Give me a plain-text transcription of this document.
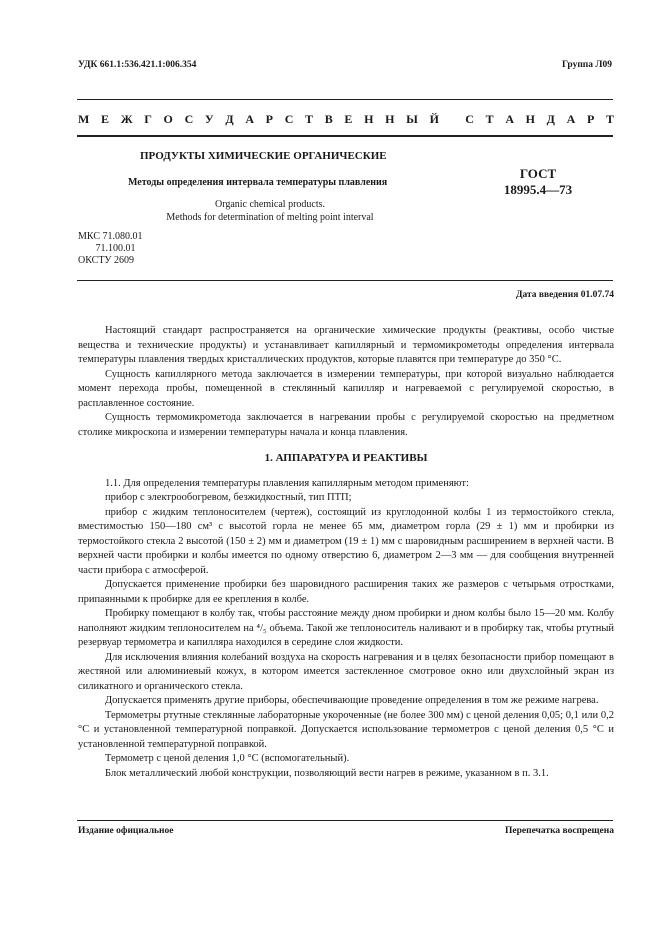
УДК 661.1:536.421.1:006.354	Группа Л09
М Е Ж Г О С У Д А Р С Т В Е Н Н Ы Й
С Т А Н Д А Р Т
ПРОДУКТЫ ХИМИЧЕСКИЕ ОРГАНИЧЕСКИЕ
Методы определения интервала температуры плавления
ГОСТ
18995.4—73
Organic chemical products.
Methods for determination of melting point interval
МКС 71.080.01
71.100.01
ОКСТУ 2609
Дата введения 01.07.74

Настоящий стандарт распространяется на органические химические продукты (реактивы, особо чистые вещества и технические продукты) и устанавливает капиллярный и термомикрометоды определения интервала температуры плавления твердых кристаллических продуктов, которые плавятся при температуре до 350 °С.

Сущность капиллярного метода заключается в измерении температуры, при которой визуально наблюдается момент перехода пробы, помещенной в стеклянный капилляр и нагреваемой с регулируемой скоростью, в расплавленное состояние.

Сущность термомикрометода заключается в нагревании пробы с регулируемой скоростью на предметном столике микроскопа и измерении температуры начала и конца плавления.

1. АППАРАТУРА И РЕАКТИВЫ

1.1. Для определения температуры плавления капиллярным методом применяют:

прибор с электрообогревом, безжидкостный, тип ПТП;

прибор с жидким теплоносителем (чертеж), состоящий из круглодонной колбы 1 из термостойкого стекла, вместимостью 150—180 см³ с высотой горла не менее 65 мм, диаметром горла (29 ± 1) мм и пробирки из термостойкого стекла 2 высотой (150 ± 2) мм и диаметром (19 ± 1) мм с шаровидным расширением в верхней части. В верхней части пробирки и колбы имеется по одному отверстию 6, диаметром 2—3 мм — для сообщения внутренней части прибора с атмосферой.

Допускается применение пробирки без шаровидного расширения таких же размеров с четырьмя отростками, припаянными к пробирке для ее крепления в колбе.

Пробирку помещают в колбу так, чтобы расстояние между дном пробирки и дном колбы было 15—20 мм. Колбу наполняют жидким теплоносителем на ⁴/₅ объема. Такой же теплоноситель наливают и в пробирку так, чтобы ртутный резервуар термометра и капилляра находился в середине слоя жидкости.

Для исключения влияния колебаний воздуха на скорость нагревания и в целях безопасности прибор помещают в жестяной или алюминиевый кожух, в котором имеется застекленное смотровое окно или двухслойный экран из силикатного и органического стекла.

Допускается применять другие приборы, обеспечивающие проведение определения в том же режиме нагрева.

Термометры ртутные стеклянные лабораторные укороченные (не более 300 мм) с ценой деления 0,05; 0,1 или 0,2 °С и установленной температурной поправкой. Допускается использование термометров с ценой деления 0,5 °С и установленной температурной поправкой.

Термометр с ценой деления 1,0 °С (вспомогательный).

Блок металлический любой конструкции, позволяющий вести нагрев в режиме, указанном в п. 3.1.

Издание официальное	Перепечатка воспрещена
